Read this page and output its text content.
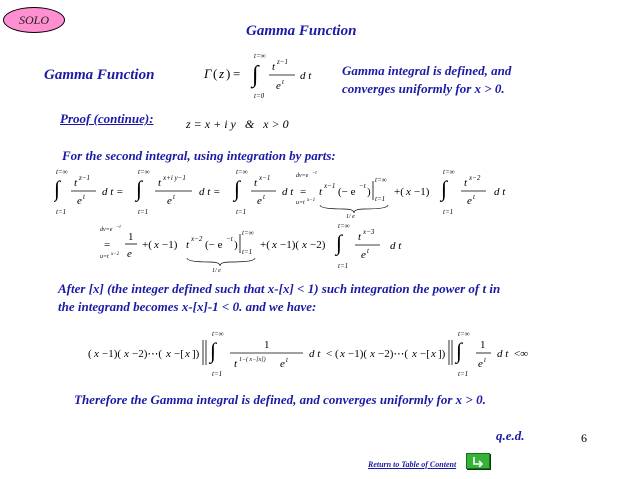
SOLO
Gamma Function
Gamma Function	Γ ( z ) = ∫
t=∞
t=0
t z−1
e t d t Gamma integral is defined, and
converges uniformly for x > 0.
Proof (continue):	z = x + i y   &   x > 0
For the second integral, using integration by parts:
∫
t=∞
t=1
t z−1
e t d t = ∫
t=∞
t=1
t x+i y−1
e t d t = ∫
t=∞
t=1
t x−1
e t d t
dv=e −t
=
u=t x−1
t x−1 (− e −t )
t=∞
t=1
1/ e
+( x −1) ∫
t=∞
t=1
t x−2
e t d t
dv=e −t
=
u=t x−2
1
e
+( x −1) t x−2 (− e −t )
t=∞
t=1
1/ e
+( x −1)( x −2) ∫
t=∞
t=1
t x−3
e t d t
After [x] (the integer defined such that x-[x] < 1) such integration the power of t in
the integrand becomes x-[x]-1 < 0. and we have:
( x −1)( x −2)⋯( x −[ x ]) ∫
t=∞
t=1
1
t 1−( x−[x]) e t d t < ( x −1)( x −2)⋯( x −[ x ]) ∫
t=∞
t=1
1
e t d t <∞
Therefore the Gamma integral is defined, and converges uniformly for x > 0.
q.e.d.	6
Return to Table of Content
